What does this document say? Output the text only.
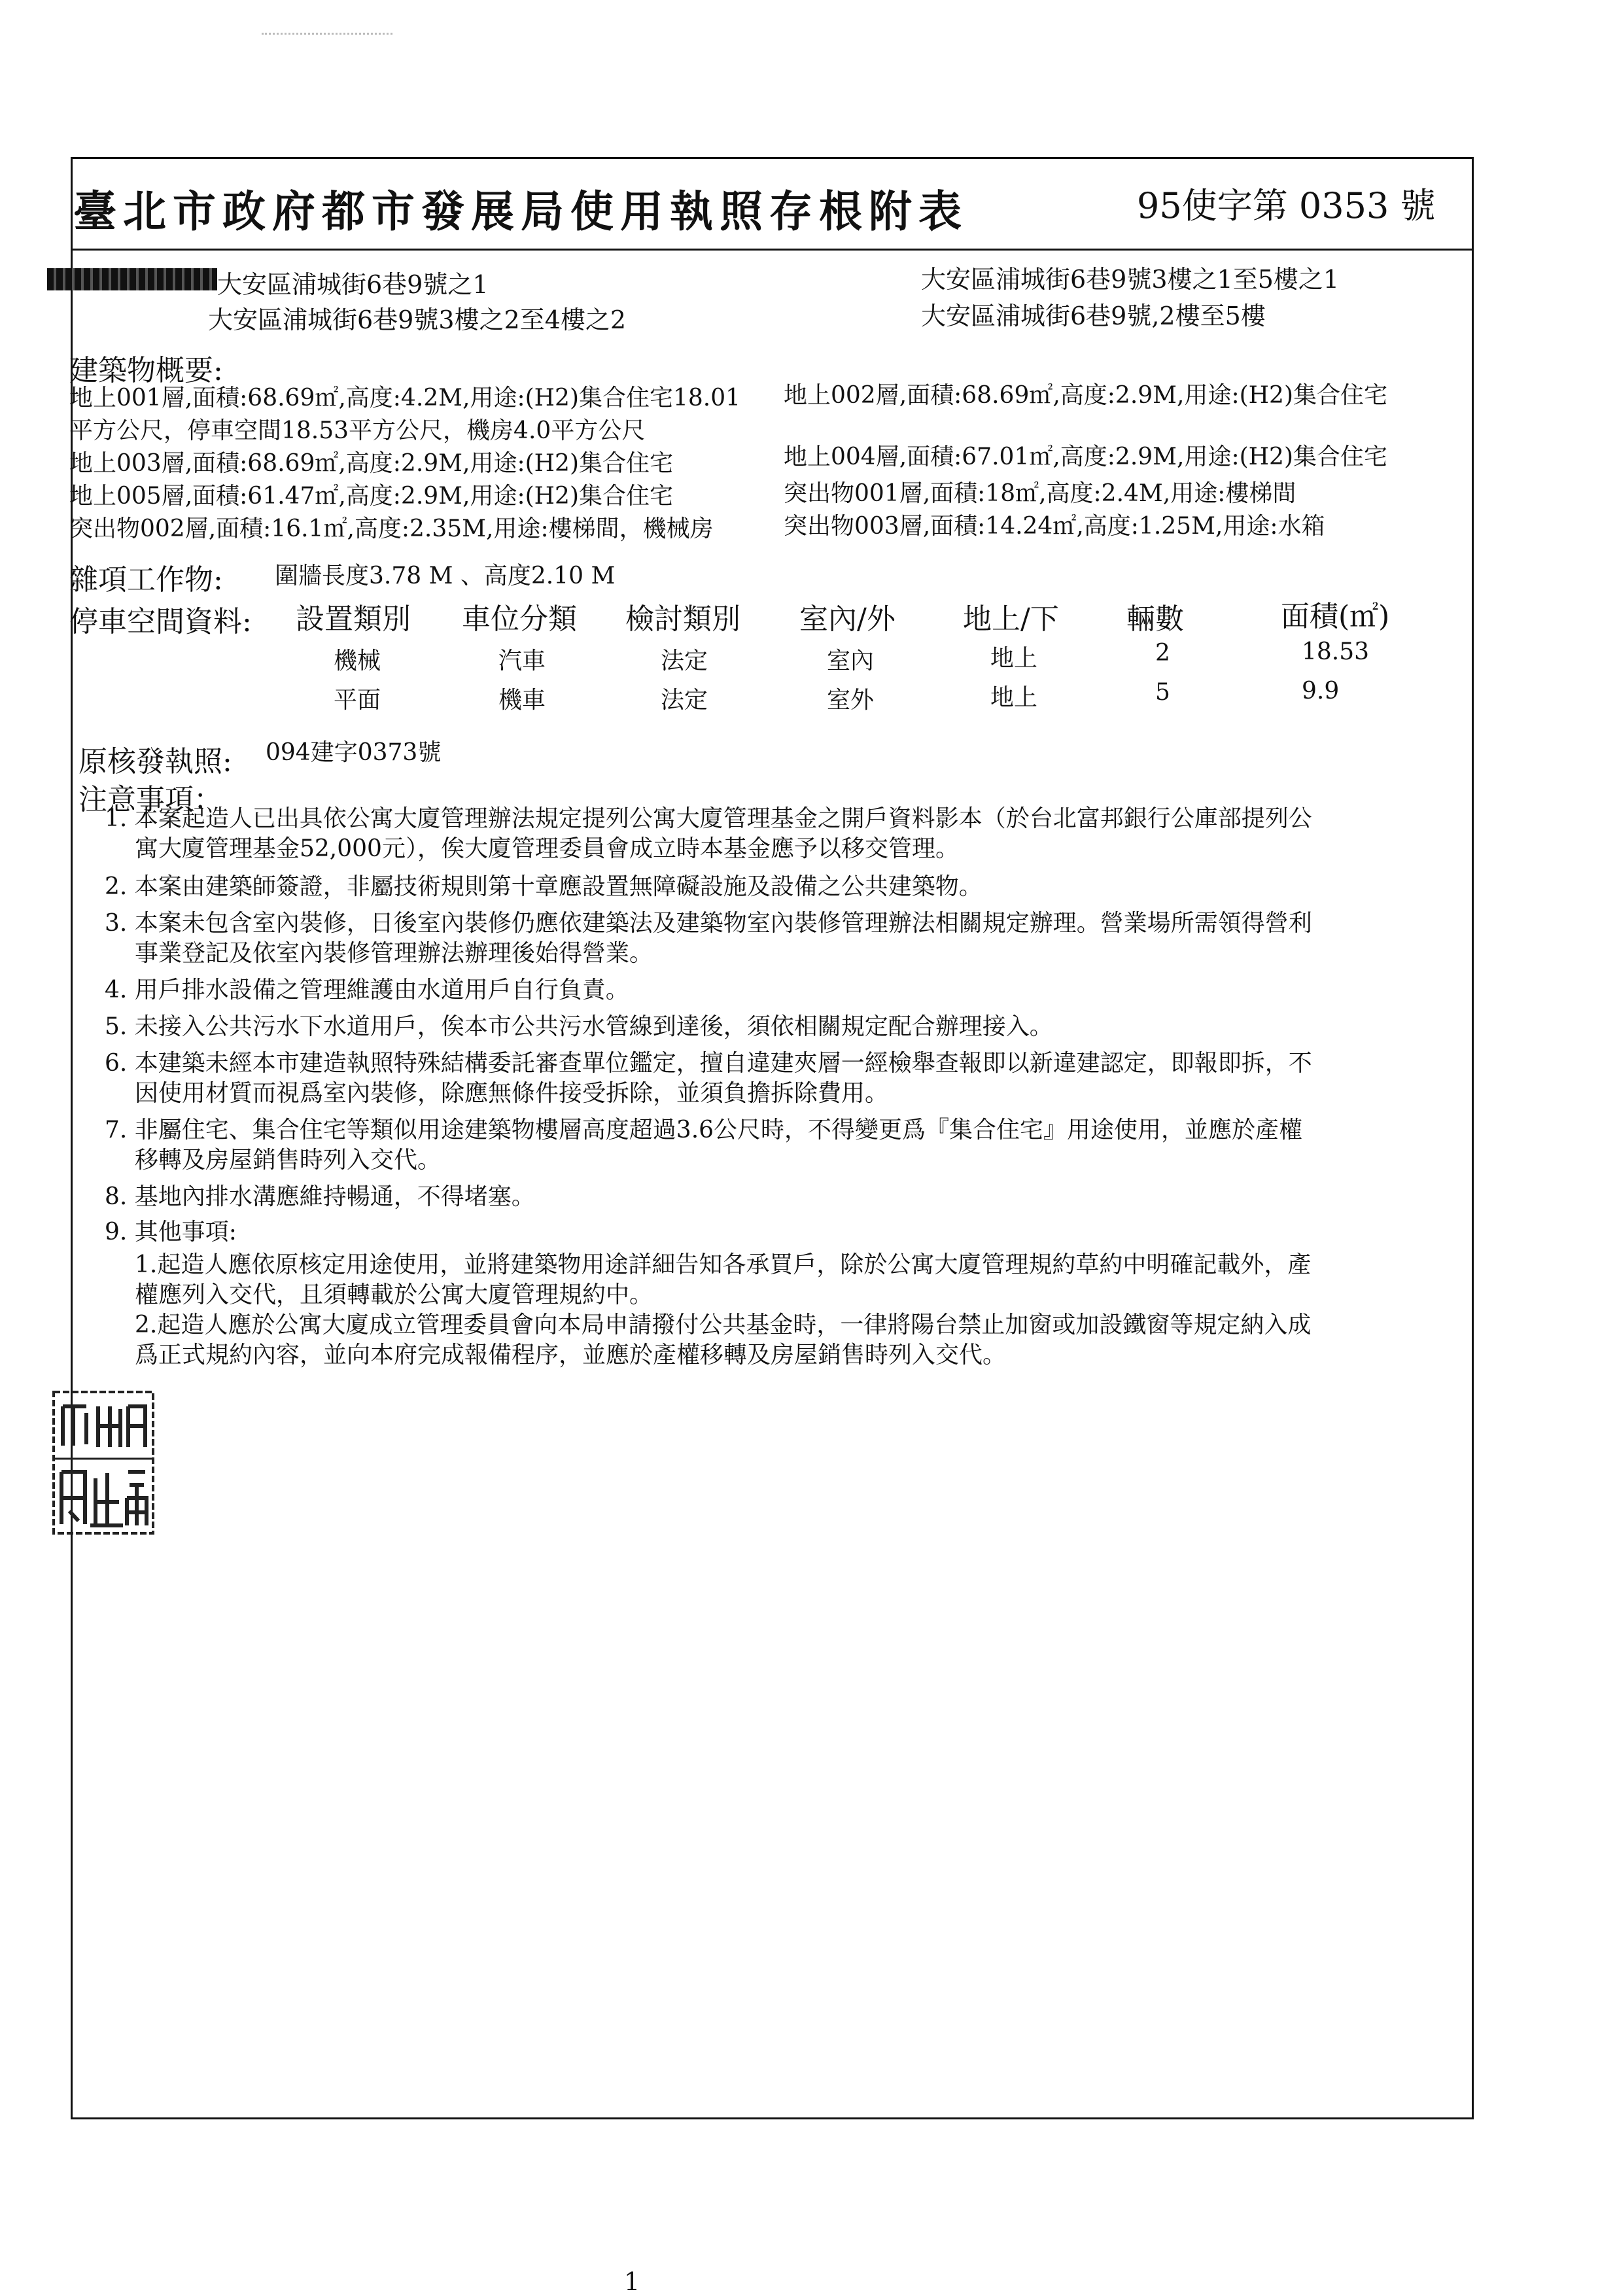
臺北市政府都市發展局使用執照存根附表	95使字第 0353 號
大安區浦城街6巷9號之1
大安區浦城街6巷9號3樓之2至4樓之2
大安區浦城街6巷9號3樓之1至5樓之1
大安區浦城街6巷9號,2樓至5樓
建築物概要:
地上001層,面積:68.69㎡,高度:4.2M,用途:(H2)集合住宅18.01
平方公尺，停車空間18.53平方公尺，機房4.0平方公尺
地上003層,面積:68.69㎡,高度:2.9M,用途:(H2)集合住宅
地上005層,面積:61.47㎡,高度:2.9M,用途:(H2)集合住宅
突出物002層,面積:16.1㎡,高度:2.35M,用途:樓梯間，機械房
地上002層,面積:68.69㎡,高度:2.9M,用途:(H2)集合住宅
地上004層,面積:67.01㎡,高度:2.9M,用途:(H2)集合住宅
突出物001層,面積:18㎡,高度:2.4M,用途:樓梯間
突出物003層,面積:14.24㎡,高度:1.25M,用途:水箱
雜項工作物: 圍牆長度3.78 M 、高度2.10 M
停車空間資料: 設置類別 車位分類 檢討類別 室內/外 地上/下 輛數	面積(㎡)
機械	汽車	法定	室內	地上	2	18.53
平面	機車	法定	室外	地上	5	9.9
原核發執照: 094建字0373號
注意事項：
1. 本案起造人已出具依公寓大廈管理辦法規定提列公寓大廈管理基金之開戶資料影本（於台北富邦銀行公庫部提列公
寓大廈管理基金52,000元），俟大廈管理委員會成立時本基金應予以移交管理。
2. 本案由建築師簽證，非屬技術規則第十章應設置無障礙設施及設備之公共建築物。
3. 本案未包含室內裝修，日後室內裝修仍應依建築法及建築物室內裝修管理辦法相關規定辦理。營業場所需領得營利
事業登記及依室內裝修管理辦法辦理後始得營業。
4. 用戶排水設備之管理維護由水道用戶自行負責。
5. 未接入公共污水下水道用戶，俟本市公共污水管線到達後，須依相關規定配合辦理接入。
6. 本建築未經本市建造執照特殊結構委託審查單位鑑定，擅自違建夾層一經檢舉查報即以新違建認定，即報即拆，不
因使用材質而視爲室內裝修，除應無條件接受拆除，並須負擔拆除費用。
7. 非屬住宅、集合住宅等類似用途建築物樓層高度超過3.6公尺時，不得變更爲『集合住宅』用途使用，並應於產權
移轉及房屋銷售時列入交代。
8. 基地內排水溝應維持暢通，不得堵塞。
9. 其他事項:
1.起造人應依原核定用途使用，並將建築物用途詳細告知各承買戶，除於公寓大廈管理規約草約中明確記載外，產
權應列入交代，且須轉載於公寓大廈管理規約中。
2.起造人應於公寓大廈成立管理委員會向本局申請撥付公共基金時，一律將陽台禁止加窗或加設鐵窗等規定納入成
爲正式規約內容，並向本府完成報備程序，並應於產權移轉及房屋銷售時列入交代。
1
